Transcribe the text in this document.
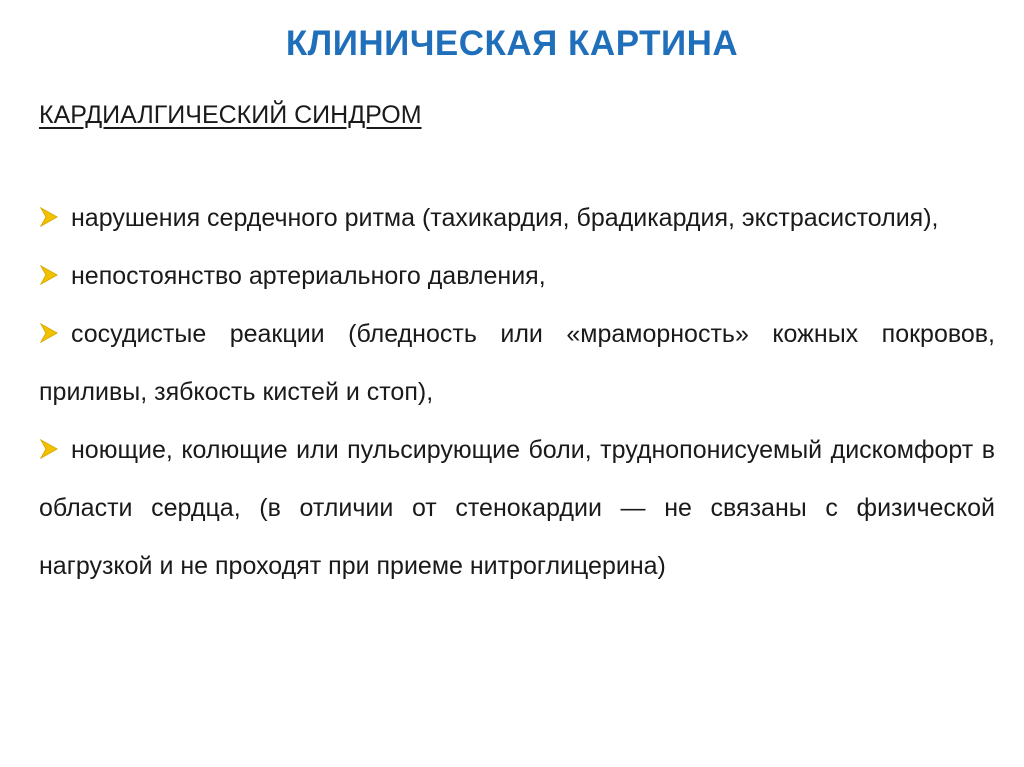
КЛИНИЧЕСКАЯ КАРТИНА
КАРДИАЛГИЧЕСКИЙ СИНДРОМ
нарушения сердечного ритма (тахикардия, брадикардия, экстрасистолия),
непостоянство артериального давления,
сосудистые реакции (бледность или «мраморность» кожных покровов, приливы, зябкость кистей и стоп),
ноющие, колющие или пульсирующие боли, труднопонисуемый дискомфорт в области сердца, (в отличии от стенокардии — не связаны с физической нагрузкой и не проходят при приеме нитроглицерина)
